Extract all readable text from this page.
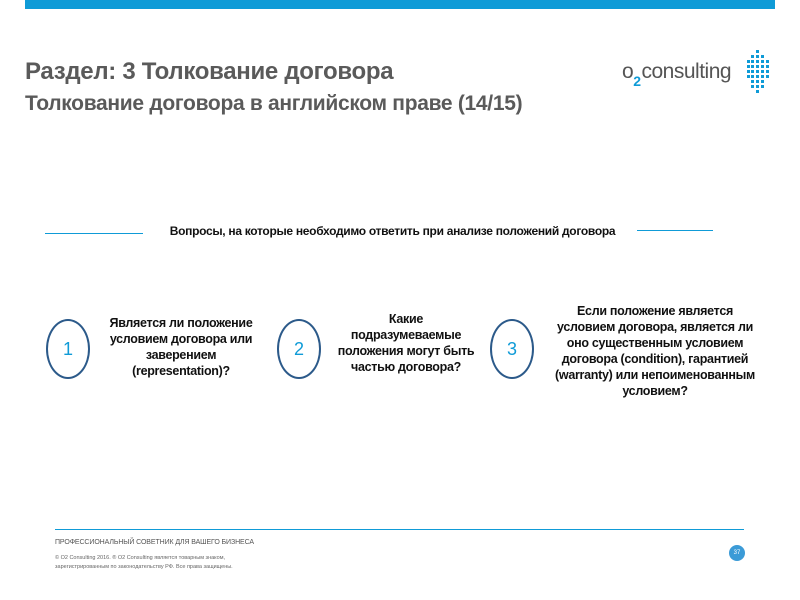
Раздел: 3 Толкование договора
Толкование договора в английском праве (14/15)
$o_2consulting$
Вопросы, на которые необходимо ответить при анализе положений договора
1
Является ли положение
условием договора или
заверением
(representation)?
2
Какие
подразумеваемые
положения могут быть
частью договора?
3
Если положение является
условием договора, является ли
оно существенным условием
договора (condition), гарантией
(warranty) или непоименованным
условием?
ПРОФЕССИОНАЛЬНЫЙ СОВЕТНИК ДЛЯ ВАШЕГО БИЗНЕСА
© O2 Consulting 2016. ® O2 Consulting является товарным знаком,
зарегистрированным по законодательству РФ. Все права защищены.
37
